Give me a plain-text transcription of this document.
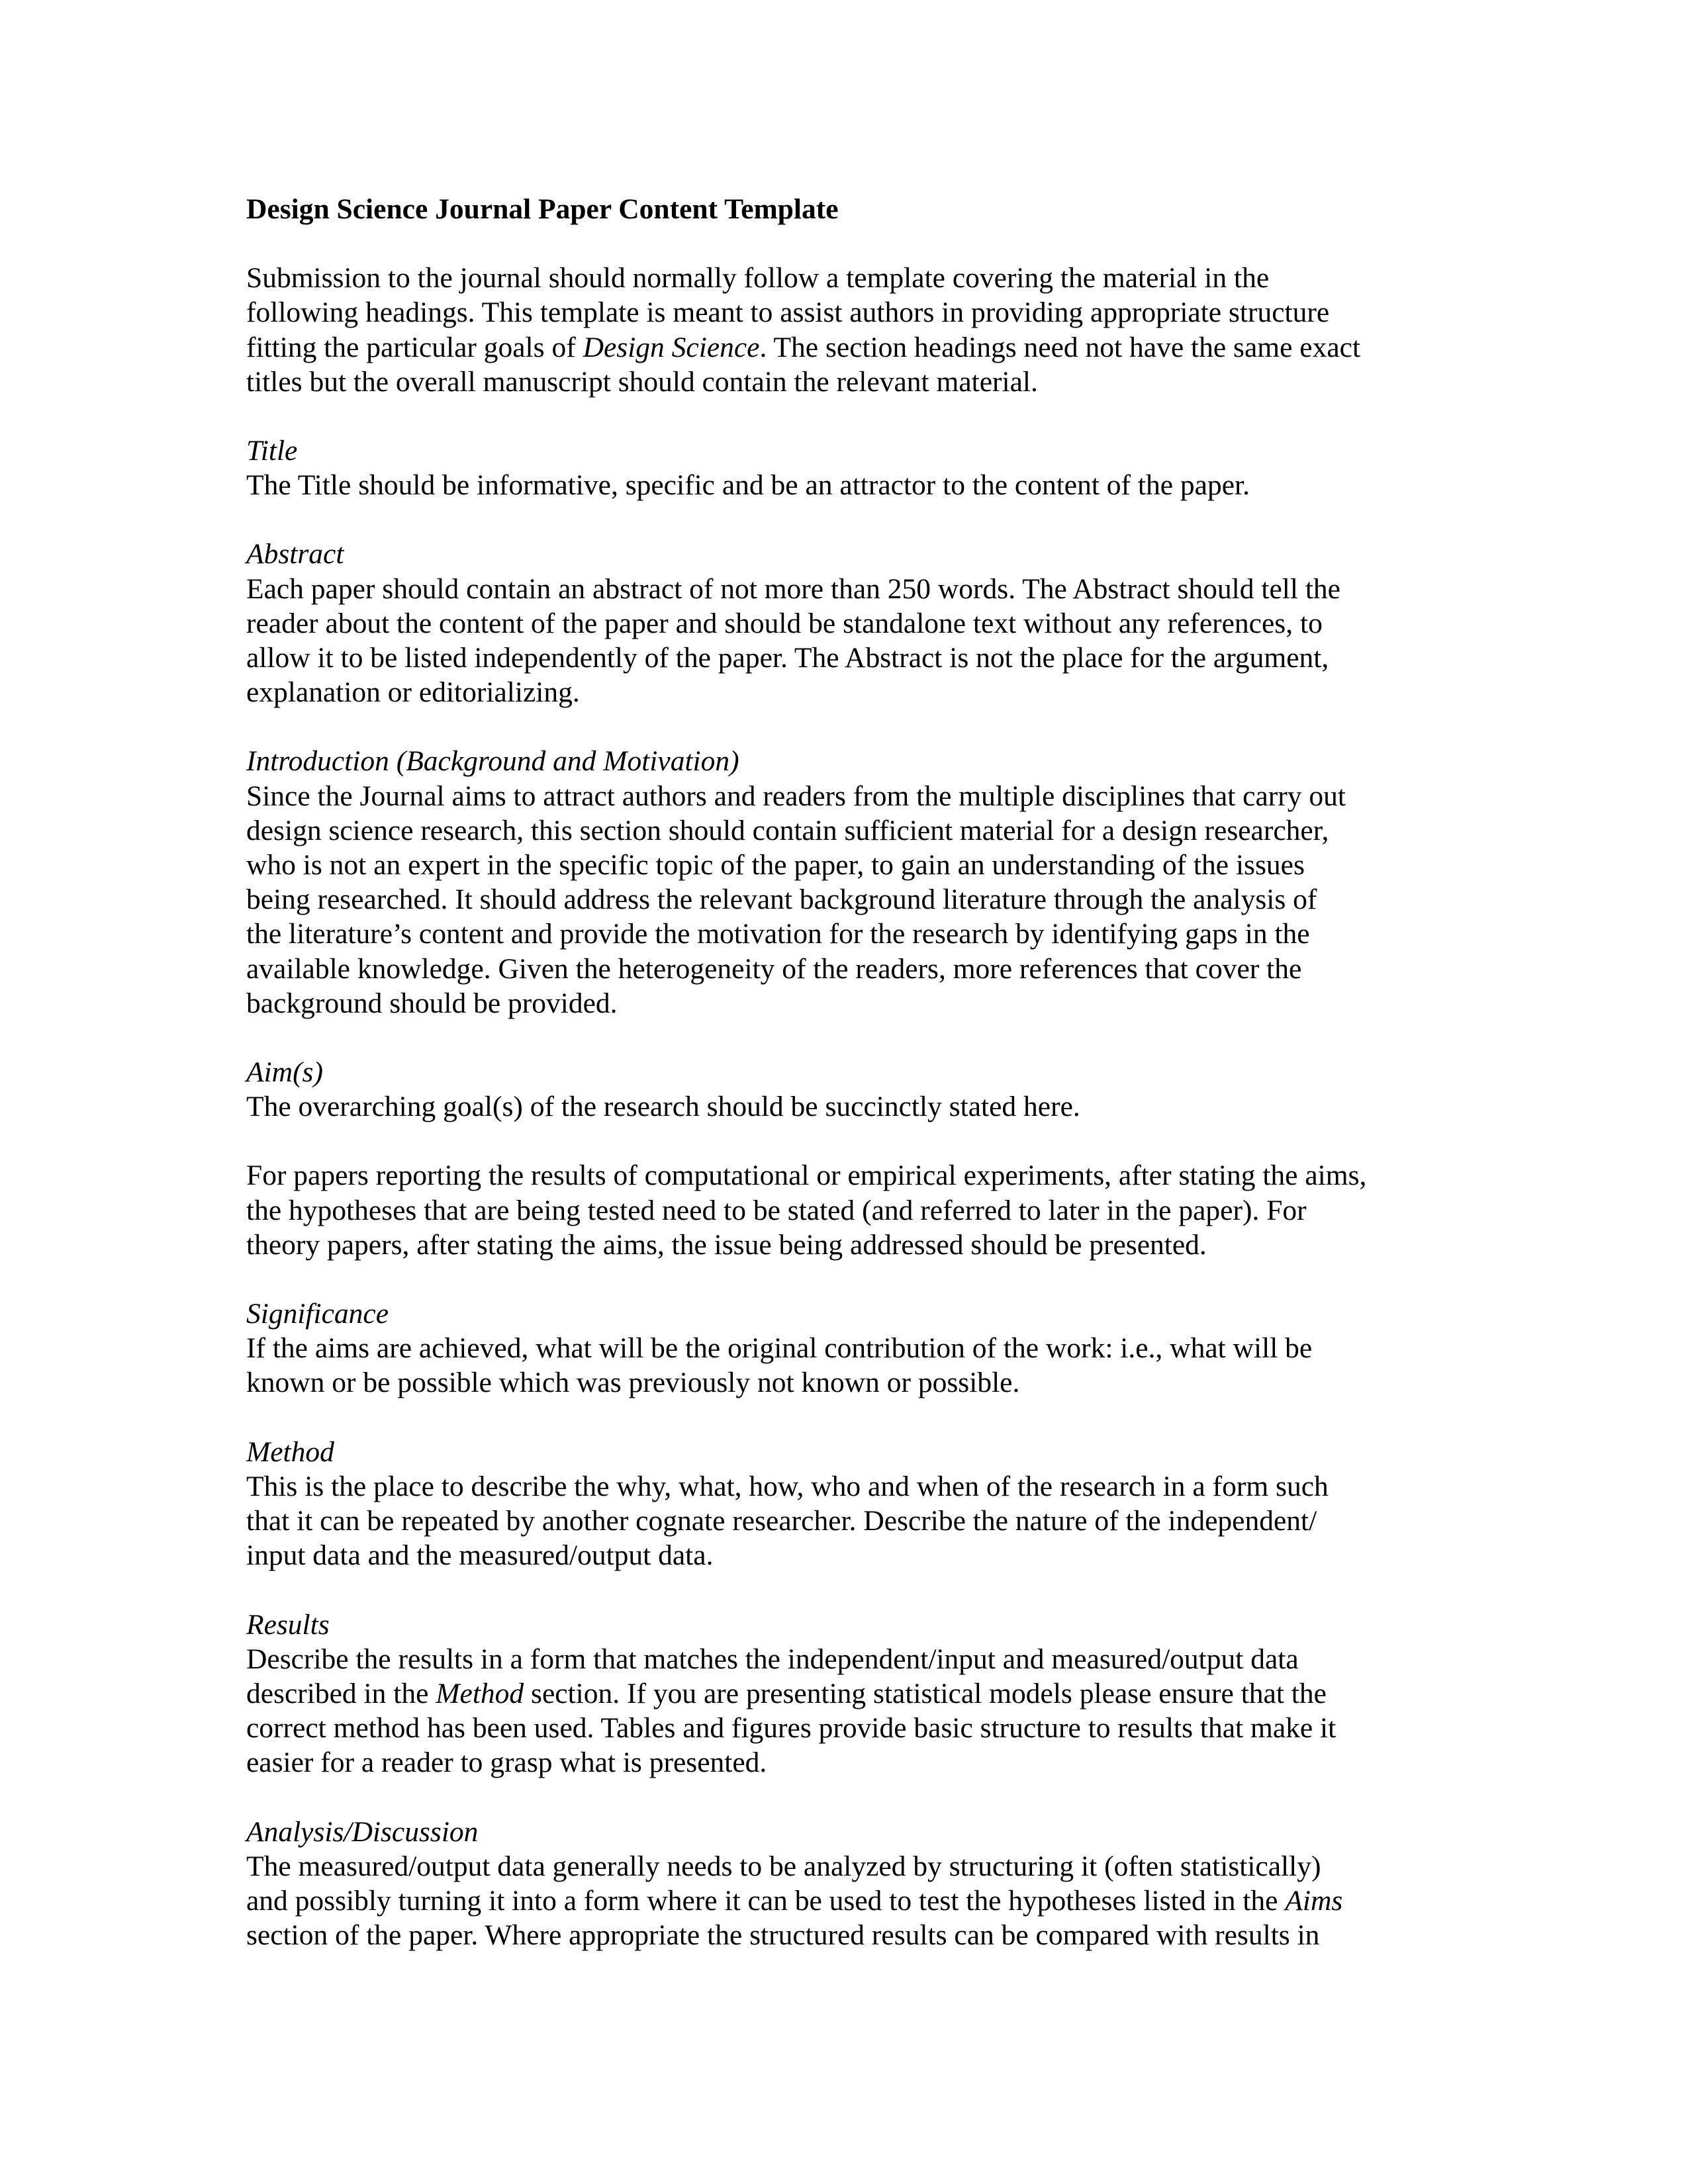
Design Science Journal Paper Content Template
Submission to the journal should normally follow a template covering the material in the
following headings. This template is meant to assist authors in providing appropriate structure
fitting the particular goals of Design Science. The section headings need not have the same exact
titles but the overall manuscript should contain the relevant material.
Title
The Title should be informative, specific and be an attractor to the content of the paper.
Abstract
Each paper should contain an abstract of not more than 250 words. The Abstract should tell the
reader about the content of the paper and should be standalone text without any references, to
allow it to be listed independently of the paper. The Abstract is not the place for the argument,
explanation or editorializing.
Introduction (Background and Motivation)
Since the Journal aims to attract authors and readers from the multiple disciplines that carry out
design science research, this section should contain sufficient material for a design researcher,
who is not an expert in the specific topic of the paper, to gain an understanding of the issues
being researched. It should address the relevant background literature through the analysis of
the literature’s content and provide the motivation for the research by identifying gaps in the
available knowledge. Given the heterogeneity of the readers, more references that cover the
background should be provided.
Aim(s)
The overarching goal(s) of the research should be succinctly stated here.
For papers reporting the results of computational or empirical experiments, after stating the aims,
the hypotheses that are being tested need to be stated (and referred to later in the paper). For
theory papers, after stating the aims, the issue being addressed should be presented.
Significance
If the aims are achieved, what will be the original contribution of the work: i.e., what will be
known or be possible which was previously not known or possible.
Method
This is the place to describe the why, what, how, who and when of the research in a form such
that it can be repeated by another cognate researcher. Describe the nature of the independent/
input data and the measured/output data.
Results
Describe the results in a form that matches the independent/input and measured/output data
described in the Method section. If you are presenting statistical models please ensure that the
correct method has been used. Tables and figures provide basic structure to results that make it
easier for a reader to grasp what is presented.
Analysis/Discussion
The measured/output data generally needs to be analyzed by structuring it (often statistically)
and possibly turning it into a form where it can be used to test the hypotheses listed in the Aims
section of the paper. Where appropriate the structured results can be compared with results in
